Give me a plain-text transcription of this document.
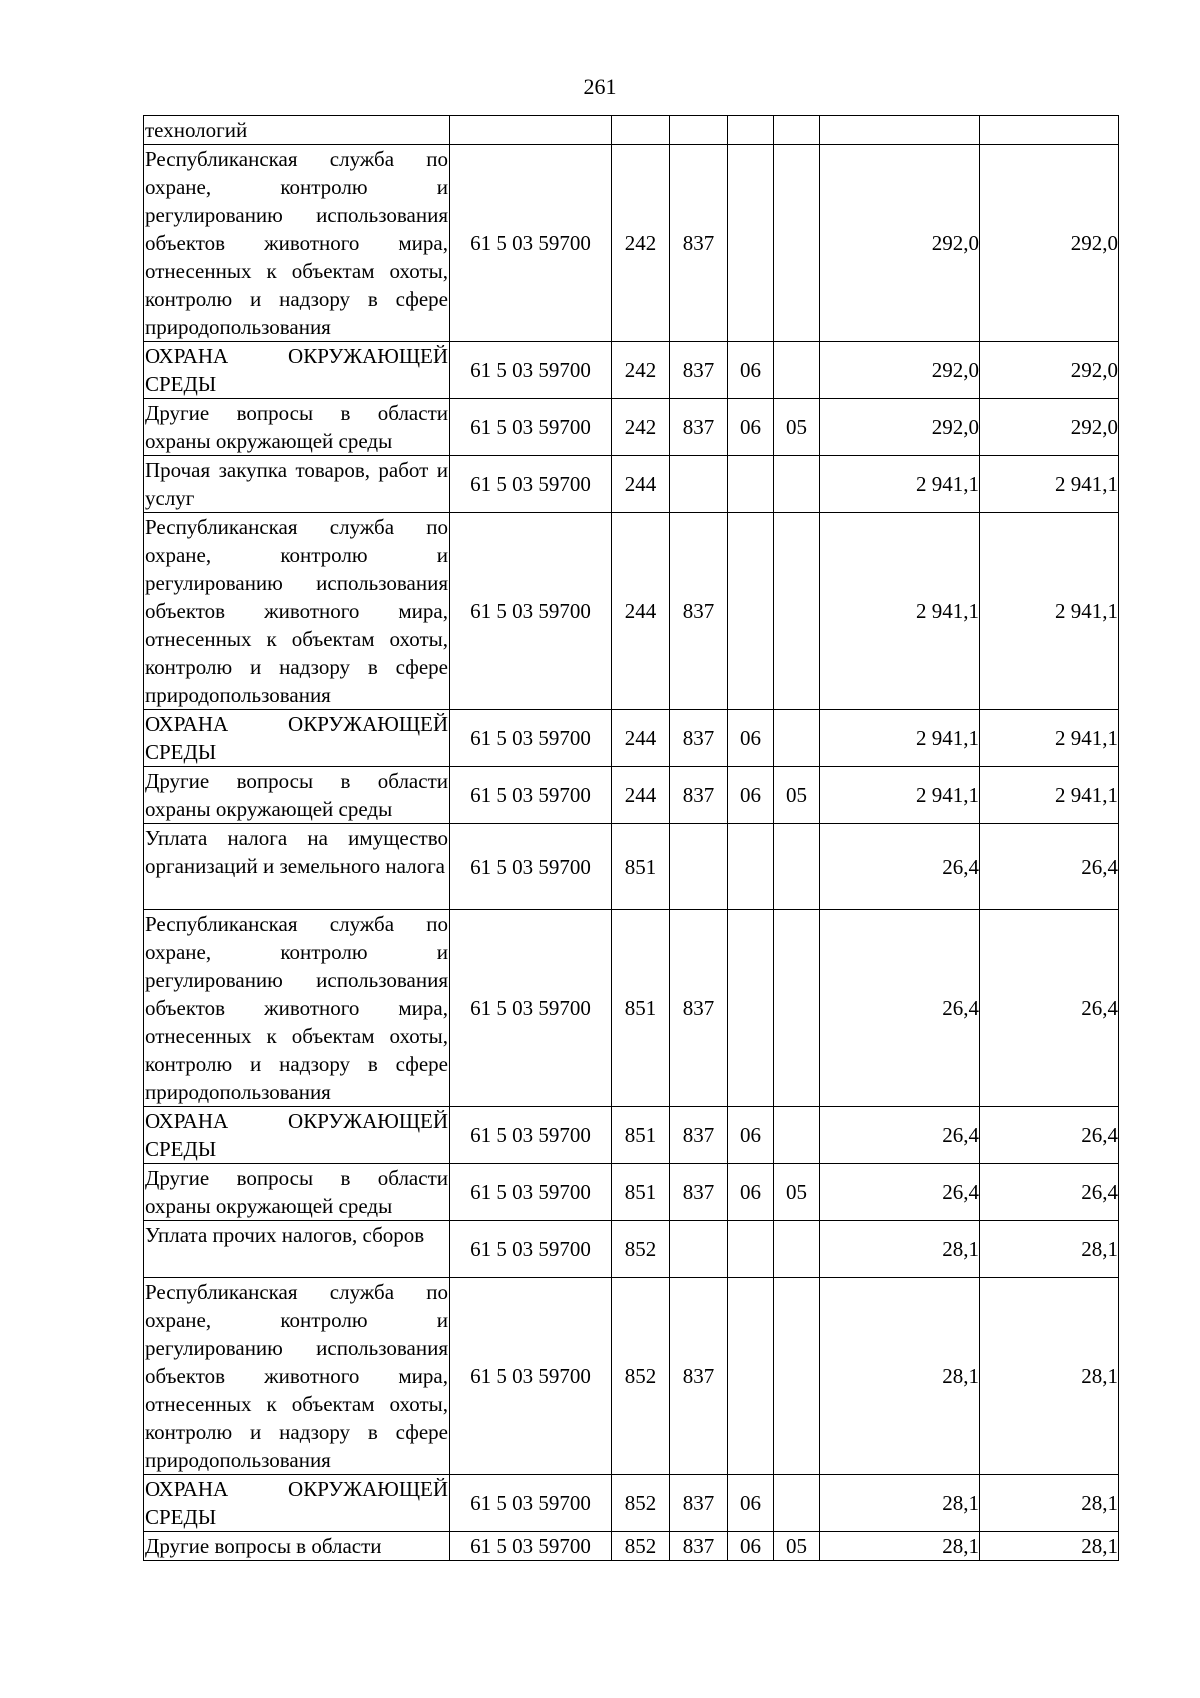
261
технологий							
Республиканская служба по охране, контролю и регулированию использования объектов животного мира, отнесенных к объектам охоты, контролю и надзору в сфере природопользования	61 5 03 59700	242	837			292,0	292,0
ОХРАНА ОКРУЖАЮЩЕЙ СРЕДЫ	61 5 03 59700	242	837	06		292,0	292,0
Другие вопросы в области охраны окружающей среды	61 5 03 59700	242	837	06	05	292,0	292,0
Прочая закупка товаров, работ и услуг	61 5 03 59700	244				2 941,1	2 941,1
Республиканская служба по охране, контролю и регулированию использования объектов животного мира, отнесенных к объектам охоты, контролю и надзору в сфере природопользования	61 5 03 59700	244	837			2 941,1	2 941,1
ОХРАНА ОКРУЖАЮЩЕЙ СРЕДЫ	61 5 03 59700	244	837	06		2 941,1	2 941,1
Другие вопросы в области охраны окружающей среды	61 5 03 59700	244	837	06	05	2 941,1	2 941,1
Уплата налога на имущество организаций и земельного налога	61 5 03 59700	851				26,4	26,4
Республиканская служба по охране, контролю и регулированию использования объектов животного мира, отнесенных к объектам охоты, контролю и надзору в сфере природопользования	61 5 03 59700	851	837			26,4	26,4
ОХРАНА ОКРУЖАЮЩЕЙ СРЕДЫ	61 5 03 59700	851	837	06		26,4	26,4
Другие вопросы в области охраны окружающей среды	61 5 03 59700	851	837	06	05	26,4	26,4
Уплата прочих налогов, сборов	61 5 03 59700	852				28,1	28,1
Республиканская служба по охране, контролю и регулированию использования объектов животного мира, отнесенных к объектам охоты, контролю и надзору в сфере природопользования	61 5 03 59700	852	837			28,1	28,1
ОХРАНА ОКРУЖАЮЩЕЙ СРЕДЫ	61 5 03 59700	852	837	06		28,1	28,1
Другие вопросы в области	61 5 03 59700	852	837	06	05	28,1	28,1
